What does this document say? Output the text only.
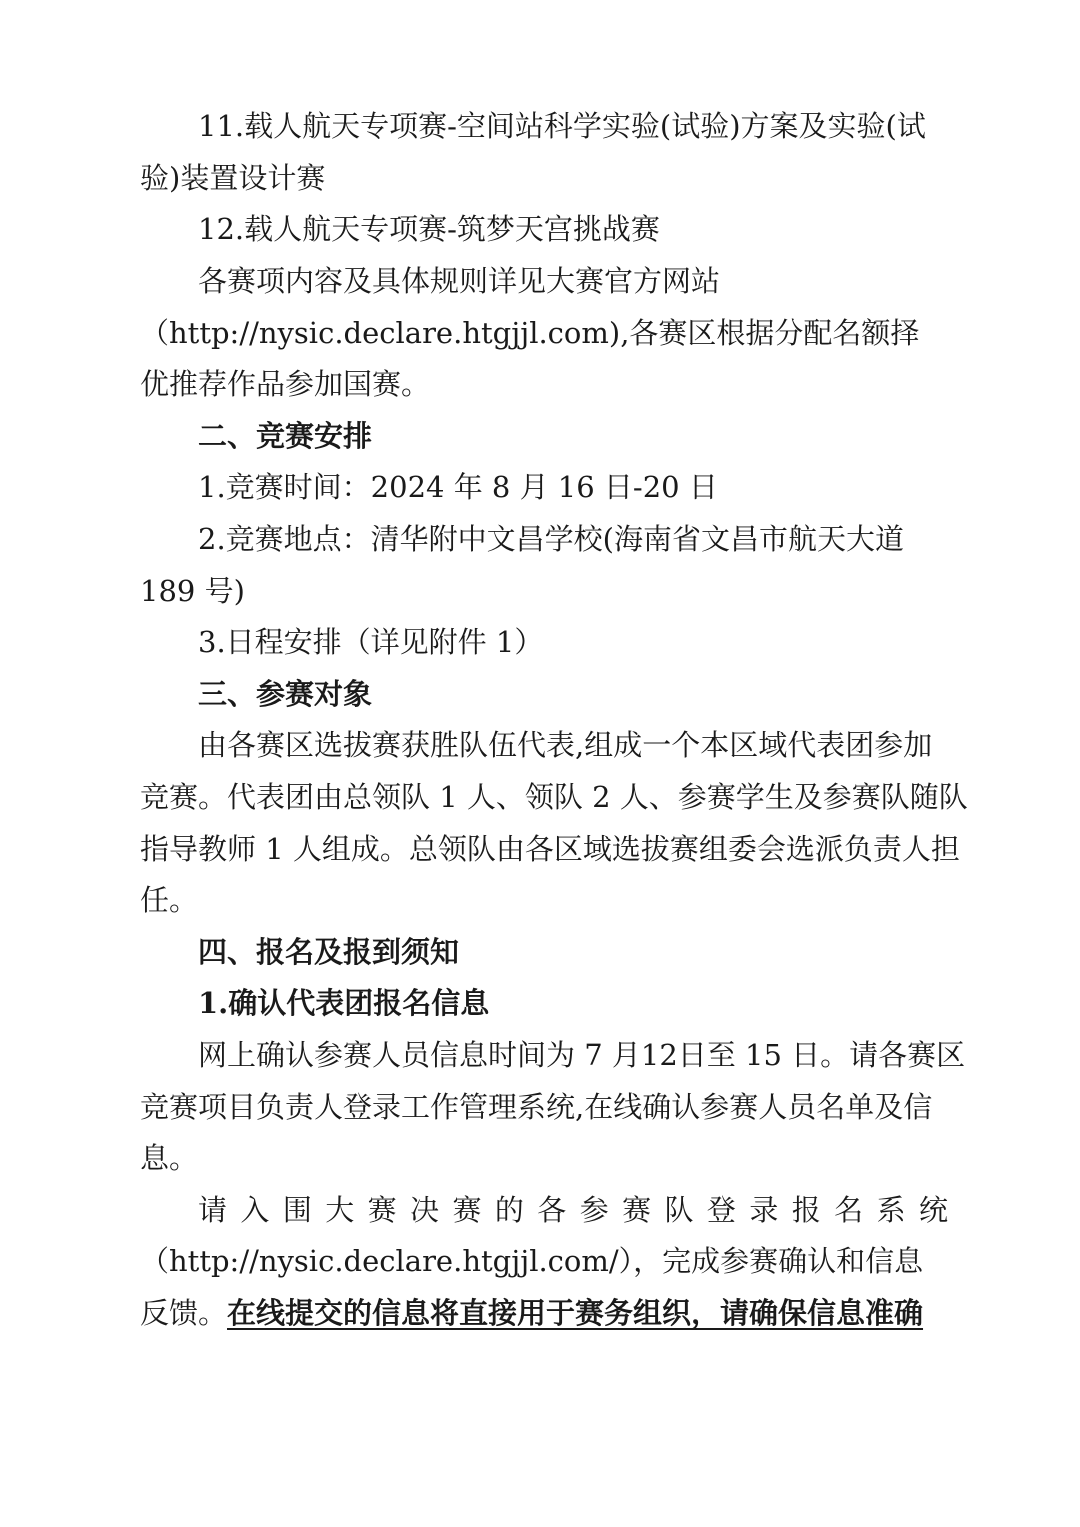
11.载人航天专项赛-空间站科学实验(试验)方案及实验(试
验)装置设计赛
12.载人航天专项赛-筑梦天宫挑战赛
各赛项内容及具体规则详见大赛官方网站
（http://nysic.declare.htgjjl.com),各赛区根据分配名额择
优推荐作品参加国赛。
二、竞赛安排
1.竞赛时间：2024 年 8 月 16 日-20 日
2.竞赛地点：清华附中文昌学校(海南省文昌市航天大道
189 号)
3.日程安排（详见附件 1）
三、参赛对象
由各赛区选拔赛获胜队伍代表,组成一个本区域代表团参加
竞赛。代表团由总领队 1 人、领队 2 人、参赛学生及参赛队随队
指导教师 1 人组成。总领队由各区域选拔赛组委会选派负责人担
任。
四、报名及报到须知
1.确认代表团报名信息
网上确认参赛人员信息时间为 7 月12日至 15 日。请各赛区
竞赛项目负责人登录工作管理系统,在线确认参赛人员名单及信
息。
请入围大赛决赛的各参赛队登录报名系统
（http://nysic.declare.htgjjl.com/），完成参赛确认和信息
反馈。在线提交的信息将直接用于赛务组织，请确保信息准确
